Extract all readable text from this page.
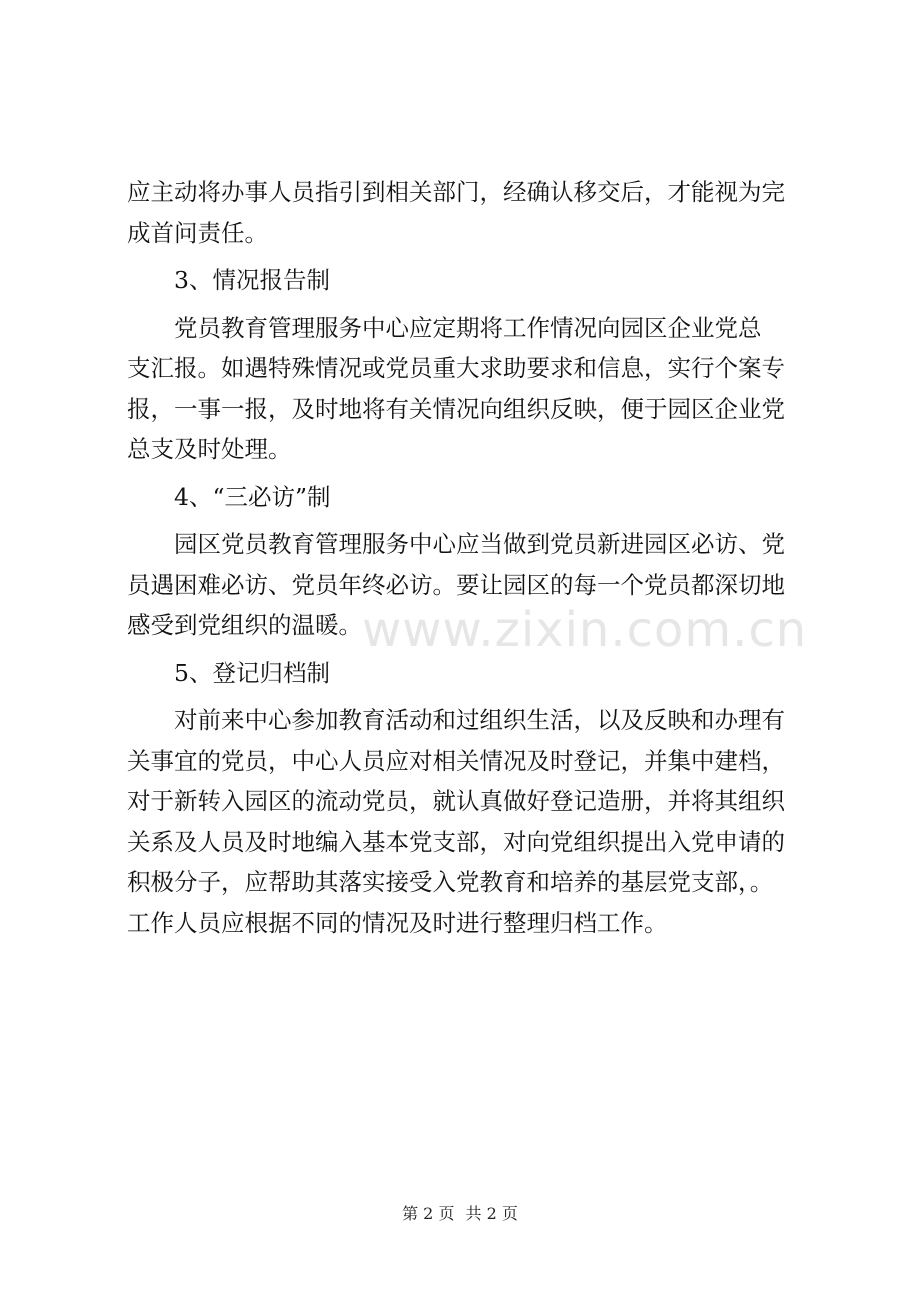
应主动将办事人员指引到相关部门，经确认移交后，才能视为完
成首问责任。
3、情况报告制
党员教育管理服务中心应定期将工作情况向园区企业党总
支汇报。如遇特殊情况或党员重大求助要求和信息，实行个案专
报，一事一报，及时地将有关情况向组织反映，便于园区企业党
总支及时处理。
4、“三必访”制
园区党员教育管理服务中心应当做到党员新进园区必访、党
员遇困难必访、党员年终必访。要让园区的每一个党员都深切地
感受到党组织的温暖。
5、登记归档制
对前来中心参加教育活动和过组织生活，以及反映和办理有
关事宜的党员，中心人员应对相关情况及时登记，并集中建档，
对于新转入园区的流动党员，就认真做好登记造册，并将其组织
关系及人员及时地编入基本党支部，对向党组织提出入党申请的
积极分子，应帮助其落实接受入党教育和培养的基层党支部，。
工作人员应根据不同的情况及时进行整理归档工作。
www.zixin.com.cn
第 2 页 共 2 页
